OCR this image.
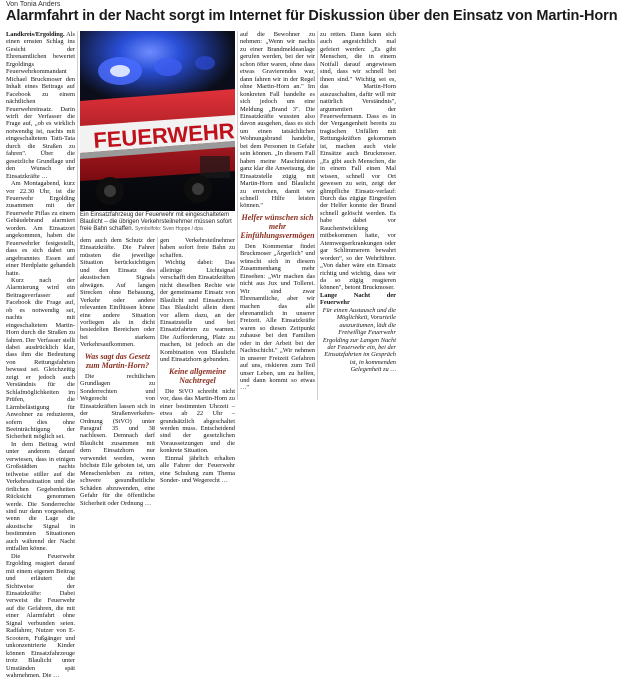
Von Tonia Anders
Alarmfahrt in der Nacht sorgt im Internet für Diskussion über den Einsatz von Martin-Horn

Landkreis/Ergolding. Als einen ernsten Schlag ins Gesicht der Ehrenamtlichen bewertet Ergoldings Feuerwehrkommandant Michael Bruckmoser den Inhalt eines Beitrags auf Facebook zu einem nächtlichen Feuerwehreinsatz. Darin wirft der Verfasser die Frage auf, „ob es wirklich notwendig ist, nachts mit eingeschaltetem Tatü-Tata durch die Straßen zu fahren". Über die gesetzliche Grundlage und den Wunsch der Einsatzkräfte …

Am Montagabend, kurz vor 22.30 Uhr, ist die Feuerwehr Ergolding zusammen mit der Feuerwehr Piflas zu einem Gebäudebrand alarmiert worden. Am Einsatzort angekommen, haben die Feuerwehrler festgestellt, dass es sich dabei um angebranntes Essen auf einer Herdplatte gehandelt hatte.

Kurz nach der Alarmierung wird ein Beitragsverfasser auf Facebook die Frage auf, ob es notwendig sei, nachts mit eingeschaltetem Martin-Horn durch die Straßen zu fahren. Der Verfasser stellt dabei ausdrücklich klar, dass ihm die Bedeutung von Rettungsfahrten bewusst sei. Gleichzeitig zeigt er jedoch auch Verständnis für die Schlafmöglichkeiten im Prüfen, die Lärmbelästigung für Anwohner zu reduzieren, sofern dies ohne Beeinträchtigung der Sicherheit möglich sei.

In dem Beitrag wird unter anderem darauf verwiesen, dass in einigen Großstädten nachts teilweise stiller auf die Verkehrssituation und die örtlichen Gegebenheiten Rücksicht genommen werde. Die Sonderrechte sind nur dann vorgesehen, wenn die Lage die akustische Signal in bestimmten Situationen auch während der Nacht entfallen könne.

Die Feuerwehr Ergolding reagiert darauf mit einem eigenen Beitrag und erläutert die Sichtweise der Einsatzkräfte: Dabei verweist die Feuerwehr auf die Gefahren, die mit einer Alarmfahrt ohne Signal verbunden seien. Radfahrer, Nutzer von E-Scootern, Fußgänger und unkonzentrierte Kinder können Einsatzfahrzeuge trotz Blaulicht unter Umständen spät wahrnehmen. Die …

FEUERWEHR
Ein Einsatzfahrzeug der Feuerwehr mit eingeschaltetem Blaulicht – die übrigen Verkehrsteilnehmer müssen sofort freie Bahn schaffen. Symbolfoto: Sven Hoppe / dpa

dem auch dem Schutz der Einsatzkräfte. Die Fahrer müssten die jeweilige Situation berücksichtigen und den Einsatz des akustischen Signals abwägen. Auf langen Strecken ohne Bebauung, Verkehr oder andere relevanten Einflüssen könne eine andere Situation vorliegen als in dicht besiedelten Bereichen oder bei starkem Verkehrsaufkommen.

Was sagt das Gesetz zum Martin-Horn?

Die rechtlichen Grundlagen zu Sonderrechten und Wegerecht von Einsatzkräften lassen sich in der Straßenverkehrs-Ordnung (StVO) unter Paragraf 35 und 38 nachlesen. Demnach darf Blaulicht zusammen mit dem Einsatzhorn nur verwendet werden, wenn höchste Eile geboten ist, um Menschenleben zu retten, schwere gesundheitliche Schäden abzuwenden, eine Gefahr für die öffentliche Sicherheit oder Ordnung …

gen Verkehrsteilnehmer haben sofort freie Bahn zu schaffen.

Wichtig dabei: Das alleinige Lichtsignal verschafft den Einsatzkräften nicht dieselben Rechte wie der gemeinsame Einsatz von Blaulicht und Einsatzhorn. Das Blaulicht allein dient vor allem dazu, an der Einsatzstelle und bei Einsatzfahrten zu warnen. Die Aufforderung, Platz zu machen, ist jedoch an die Kombination von Blaulicht und Einsatzhorn gebunden.

Keine allgemeine Nachtregel

Die StVO schreibt nicht vor, dass das Martin-Horn zu einer bestimmten Uhrzeit – etwa ab 22 Uhr – grundsätzlich abgeschaltet werden muss. Entscheidend sind der gesetzlichen Voraussetzungen und die konkrete Situation.

Einmal jährlich erhalten alle Fahrer der Feuerwehr eine Schulung zum Thema Sonder- und Wegerecht …

auf die Bewohner zu nehmen: „Wenn wir nachts zu einer Brandmeldeanlage gerufen werden, bei der wir schon öfter waren, ohne dass etwas Gravierendes war, dann fahren wir in der Regel ohne Martin-Horn an." Im konkreten Fall handelte es sich jedoch um eine Meldung „Brand 3". Die Einsatzkräfte wussten also davon ausgehen, dass es sich um einen tatsächlichen Wohnungsbrand handelte, bei dem Personen in Gefahr sein können. „In diesem Fall haben meine Maschinisten ganz klar die Anweisung, die Einsatzstelle zügig mit Martin-Horn und Blaulicht zu erreichen, damit wir schnell Hilfe leisten können."

Helfer wünschen sich mehr Einfühlungsvermögen

Den Kommentar findet Bruckmoser „Ärgerlich" und wünscht sich in diesem Zusammenhang mehr Einsehen: „Wir machen das nicht aus Jux und Tollerei. Wir sind zwar Ehrenamtliche, aber wir machen das alle ehrenamtlich in unserer Freizeit. Alle Einsatzkräfte waren so diesen Zeitpunkt zuhause bei den Familien oder in der Arbeit bei der Nachtschicht." „Wir nehmen in unserer Freizeit Gefahren auf uns, riskieren zum Teil unser Leben, um zu helfen, und dann kommt so etwas …"

zu retten. Dann kann sich auch angesichtlich mal gefeiert werden: „Es gibt Menschen, die in einem Notfall darauf angewiesen sind, dass wir schnell bei ihnen sind." Wichtig sei es, das Martin-Horn auszuschalten, dafür will mir natürlich Verständnis", argumentiert der Feuerwehrmann. Dass es in der Vergangenheit bereits zu tragischen Unfällen mit Rettungskräften gekommen ist, machen auch viele Einsätze auch Bruckmoser. „Es gibt auch Menschen, die in einem Fall einen Mal wissen, schnell vor Ort gewesen zu sein, zeigt der glimpfliche Einsatz-verlauf: Durch das zügige Eingreifen der Helfer konnte der Brand schnell gelöscht werden. Es habe dabei vor Rauchentwicklung mitbekommen hatte, vor Atemwegserkrankungen oder gar Schlimmerem bewahrt worden“, so der Wehrführer. „Von daher wäre ein Einsatz richtig und wichtig, dass wir da so zügig reagieren können", betont Bruckmoser.

Lange Nacht der Feuerwehr

Für einen Austausch und die Möglichkeit, Vorurteile auszuräumen, lädt die Freiwillige Feuerwehr Ergolding zur Langen Nacht der Feuerwehr ein, bei der Einsatzfahrten im Gespräch ist, in kommenden Gelegenheit zu …
